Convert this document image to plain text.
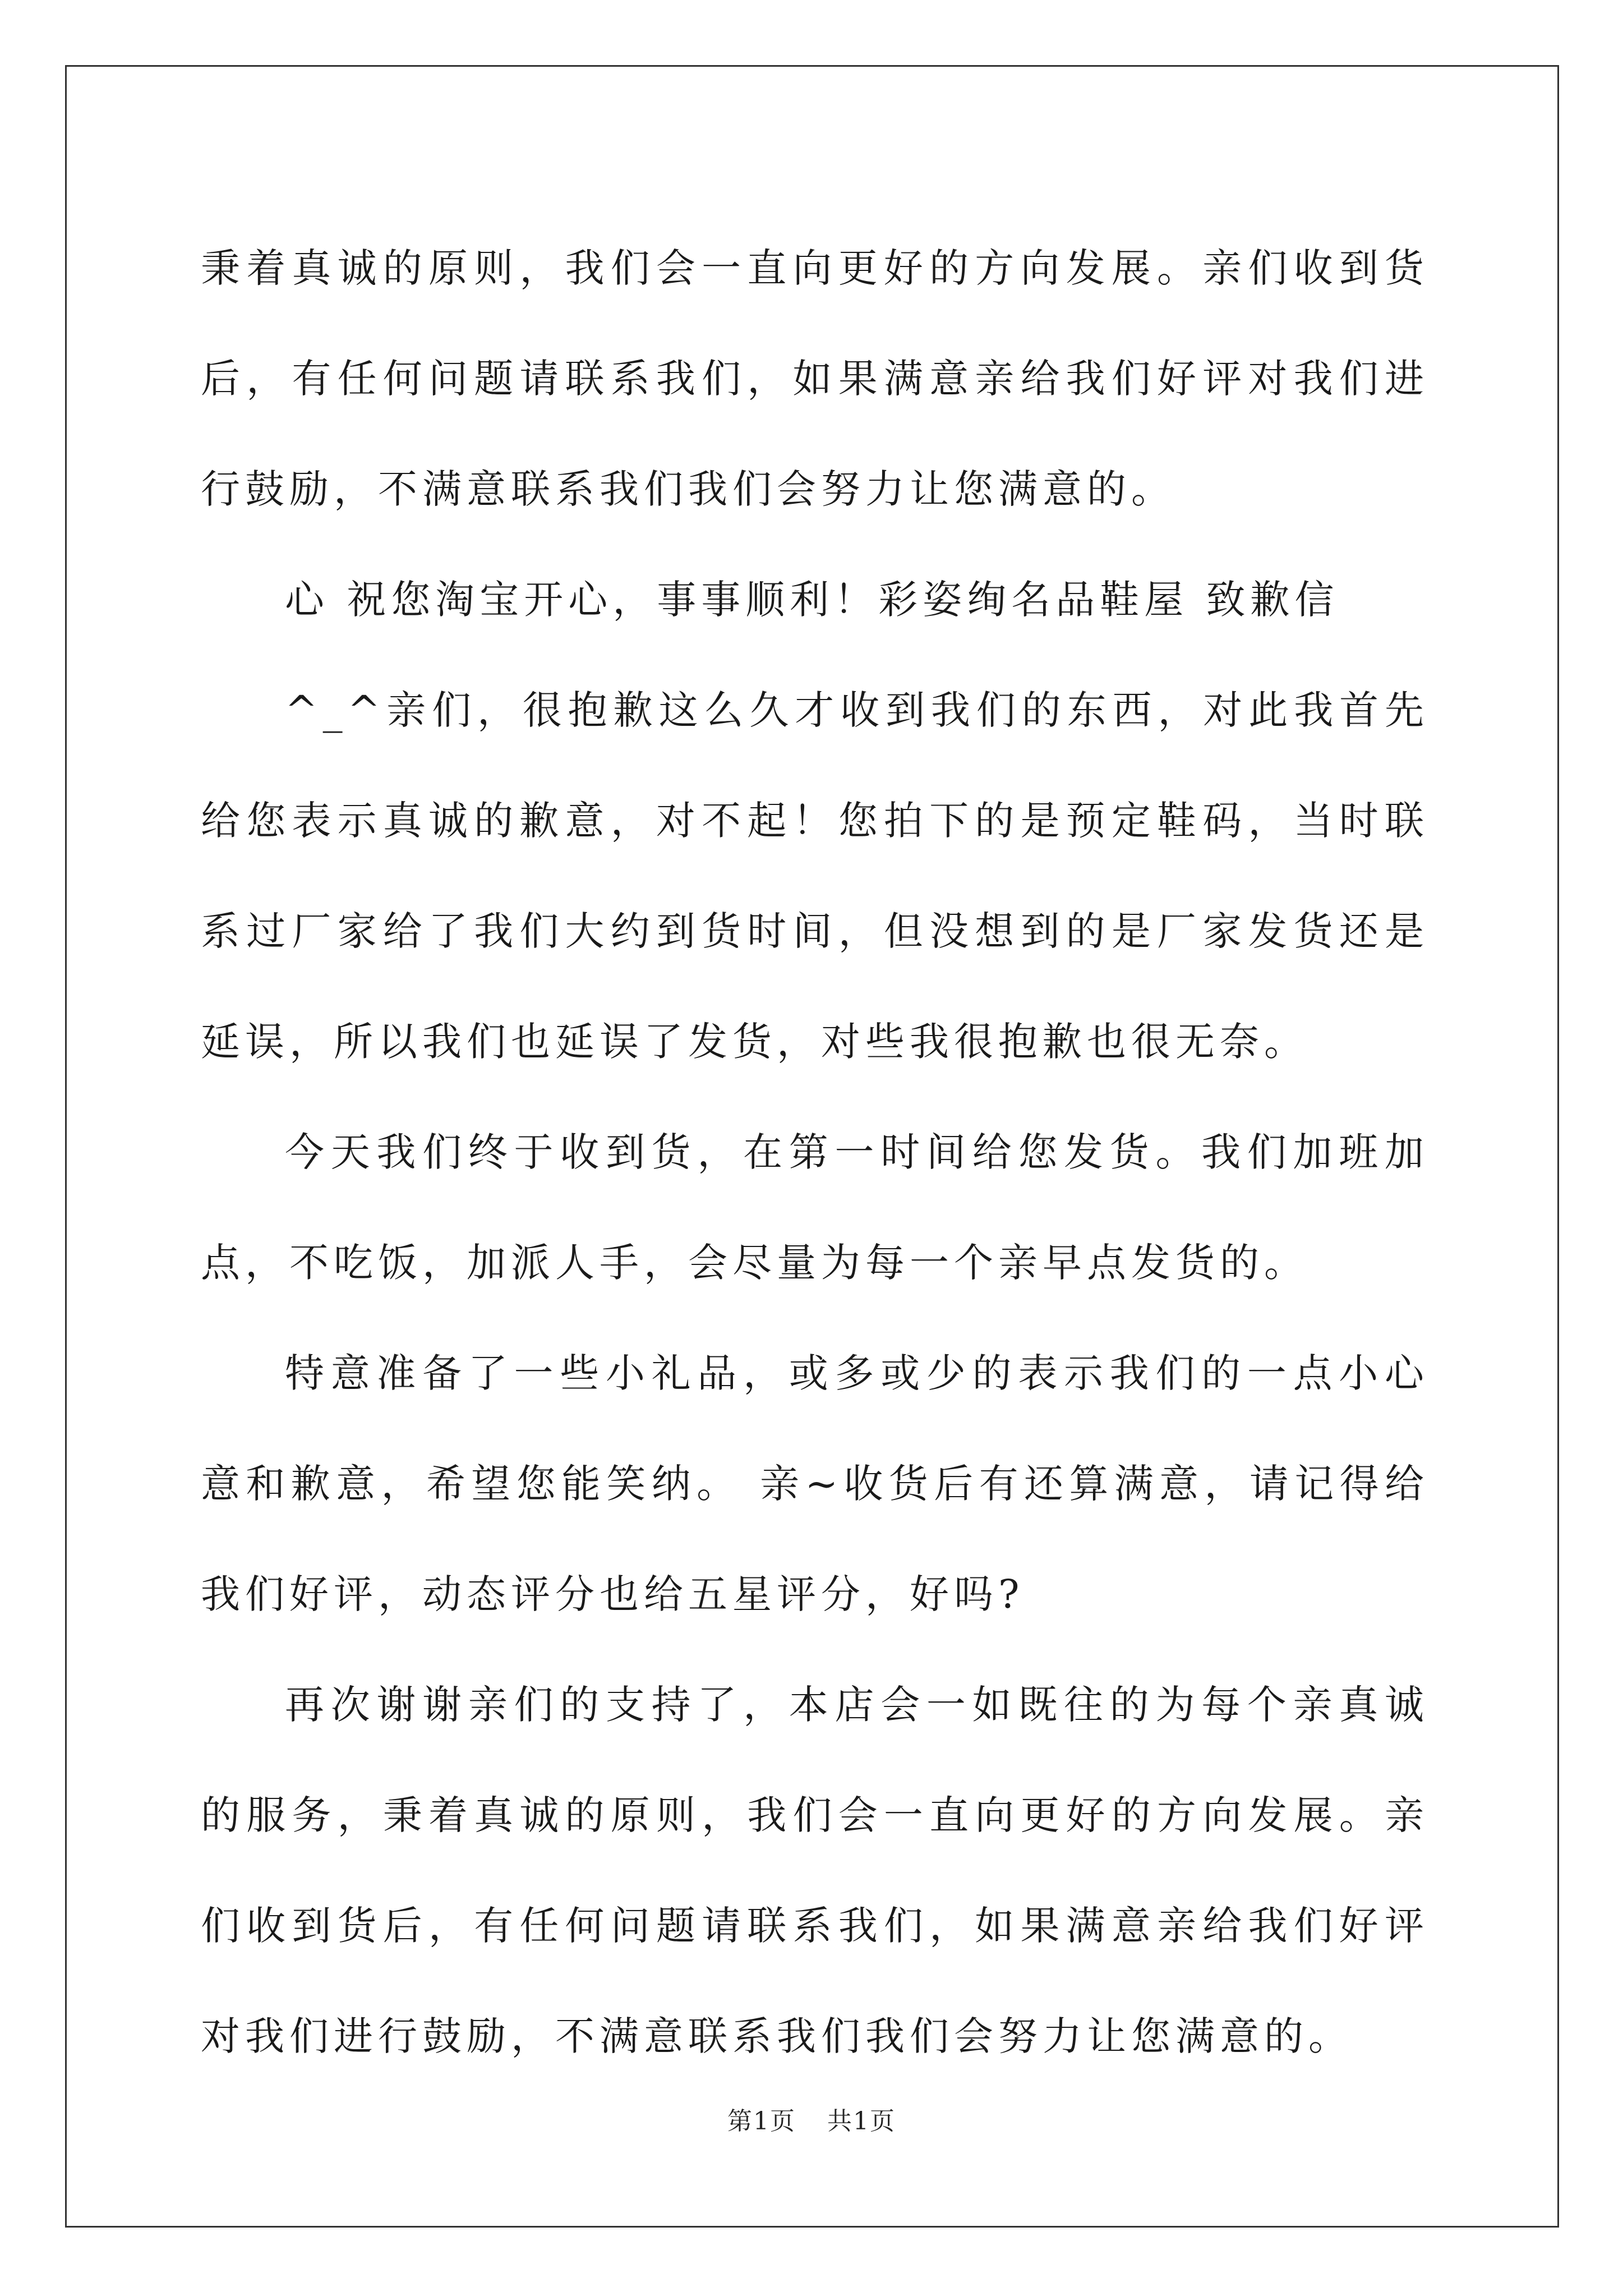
秉着真诚的原则，我们会一直向更好的方向发展。亲们收到货后，有任何问题请联系我们，如果满意亲给我们好评对我们进行鼓励，不满意联系我们我们会努力让您满意的。

心 祝您淘宝开心，事事顺利！彩姿绚名品鞋屋 致歉信

^_^亲们，很抱歉这么久才收到我们的东西，对此我首先给您表示真诚的歉意，对不起！您拍下的是预定鞋码，当时联系过厂家给了我们大约到货时间，但没想到的是厂家发货还是延误，所以我们也延误了发货，对些我很抱歉也很无奈。

今天我们终于收到货，在第一时间给您发货。我们加班加点，不吃饭，加派人手，会尽量为每一个亲早点发货的。

特意准备了一些小礼品，或多或少的表示我们的一点小心意和歉意，希望您能笑纳。 亲~收货后有还算满意，请记得给我们好评，动态评分也给五星评分，好吗?

再次谢谢亲们的支持了，本店会一如既往的为每个亲真诚的服务，秉着真诚的原则，我们会一直向更好的方向发展。亲们收到货后，有任何问题请联系我们，如果满意亲给我们好评对我们进行鼓励，不满意联系我们我们会努力让您满意的。

第1页 共1页
